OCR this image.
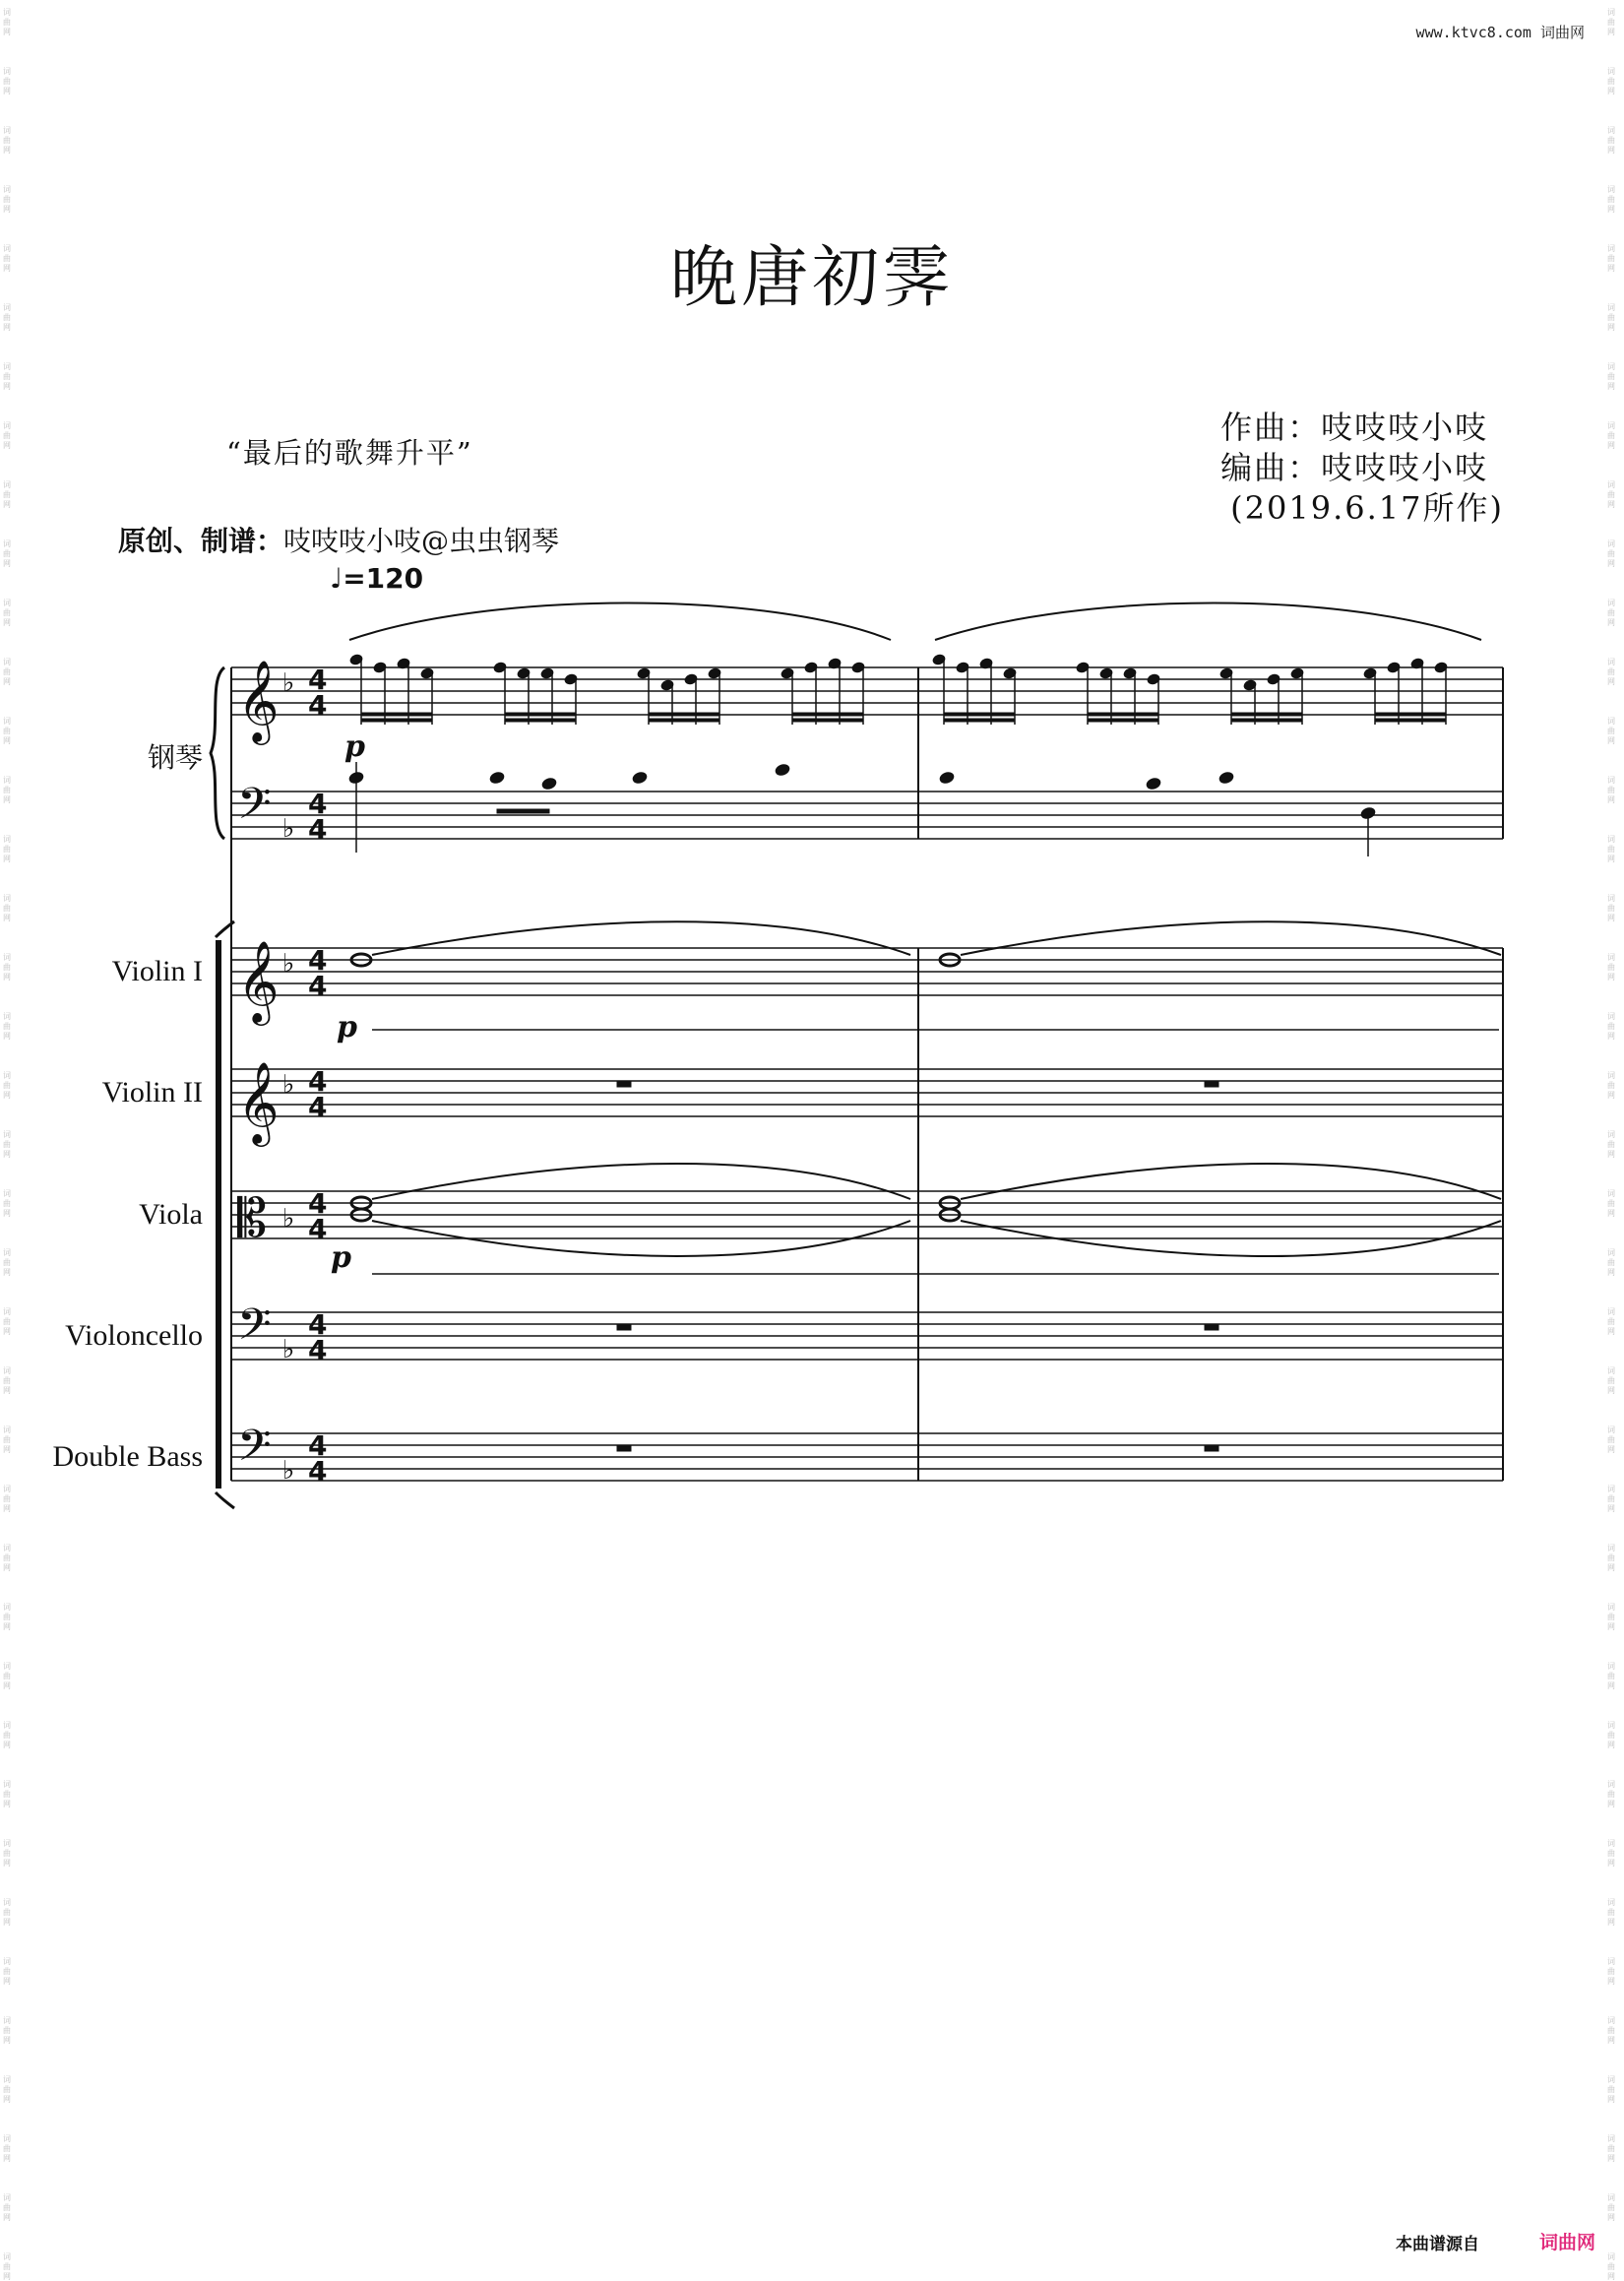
词
曲
网
词
曲
网
词
曲
网
词
曲
网
词
曲
网
词
曲
网
词
曲
网
词
曲
网
词
曲
网
词
曲
网
词
曲
网
词
曲
网
词
曲
网
词
曲
网
词
曲
网
词
曲
网
词
曲
网
词
曲
网
词
曲
网
词
曲
网
词
曲
网
词
曲
网
词
曲
网
词
曲
网
词
曲
网
词
曲
网
词
曲
网
词
曲
网
词
曲
网
词
曲
网
词
曲
网
词
曲
网
词
曲
网
词
曲
网
词
曲
网
词
曲
网
词
曲
网
词
曲
网
词
曲
网
词
曲
网
词
曲
网
词
曲
网
词
曲
网
词
曲
网
词
曲
网
词
曲
网
词
曲
网
词
曲
网
词
曲
网
词
曲
网
词
曲
网
词
曲
网
词
曲
网
词
曲
网
词
曲
网
词
曲
网
词
曲
网
词
曲
网
词
曲
网
词
曲
网
词
曲
网
词
曲
网
词
曲
网
词
曲
网
词
曲
网
词
曲
网
词
曲
网
词
曲
网
词
曲
网
词
曲
网
词
曲
网
词
曲
网
词
曲
网
词
曲
网
词
曲
网
词
曲
网
词
曲
网
词
曲
网
www.ktvc8.com 词曲网
晚唐初霁
“最后的歌舞升平”
作曲：吱吱吱小吱
编曲：吱吱吱小吱
(2019.6.17所作)
原创、制谱：吱吱吱小吱@虫虫钢琴
♩=120
钢琴
Violin I
Violin II
Viola
Violoncello
Double Bass
𝄞 ♭ 4
4
𝄢 ♭
4
4
𝄞 ♭ 4
4
𝄞 ♭ 4
4
𝄡 ♭ 4
4
𝄢 ♭
4
4
𝄢 ♭
4
4
p
p
p
本曲谱源自	词曲网
